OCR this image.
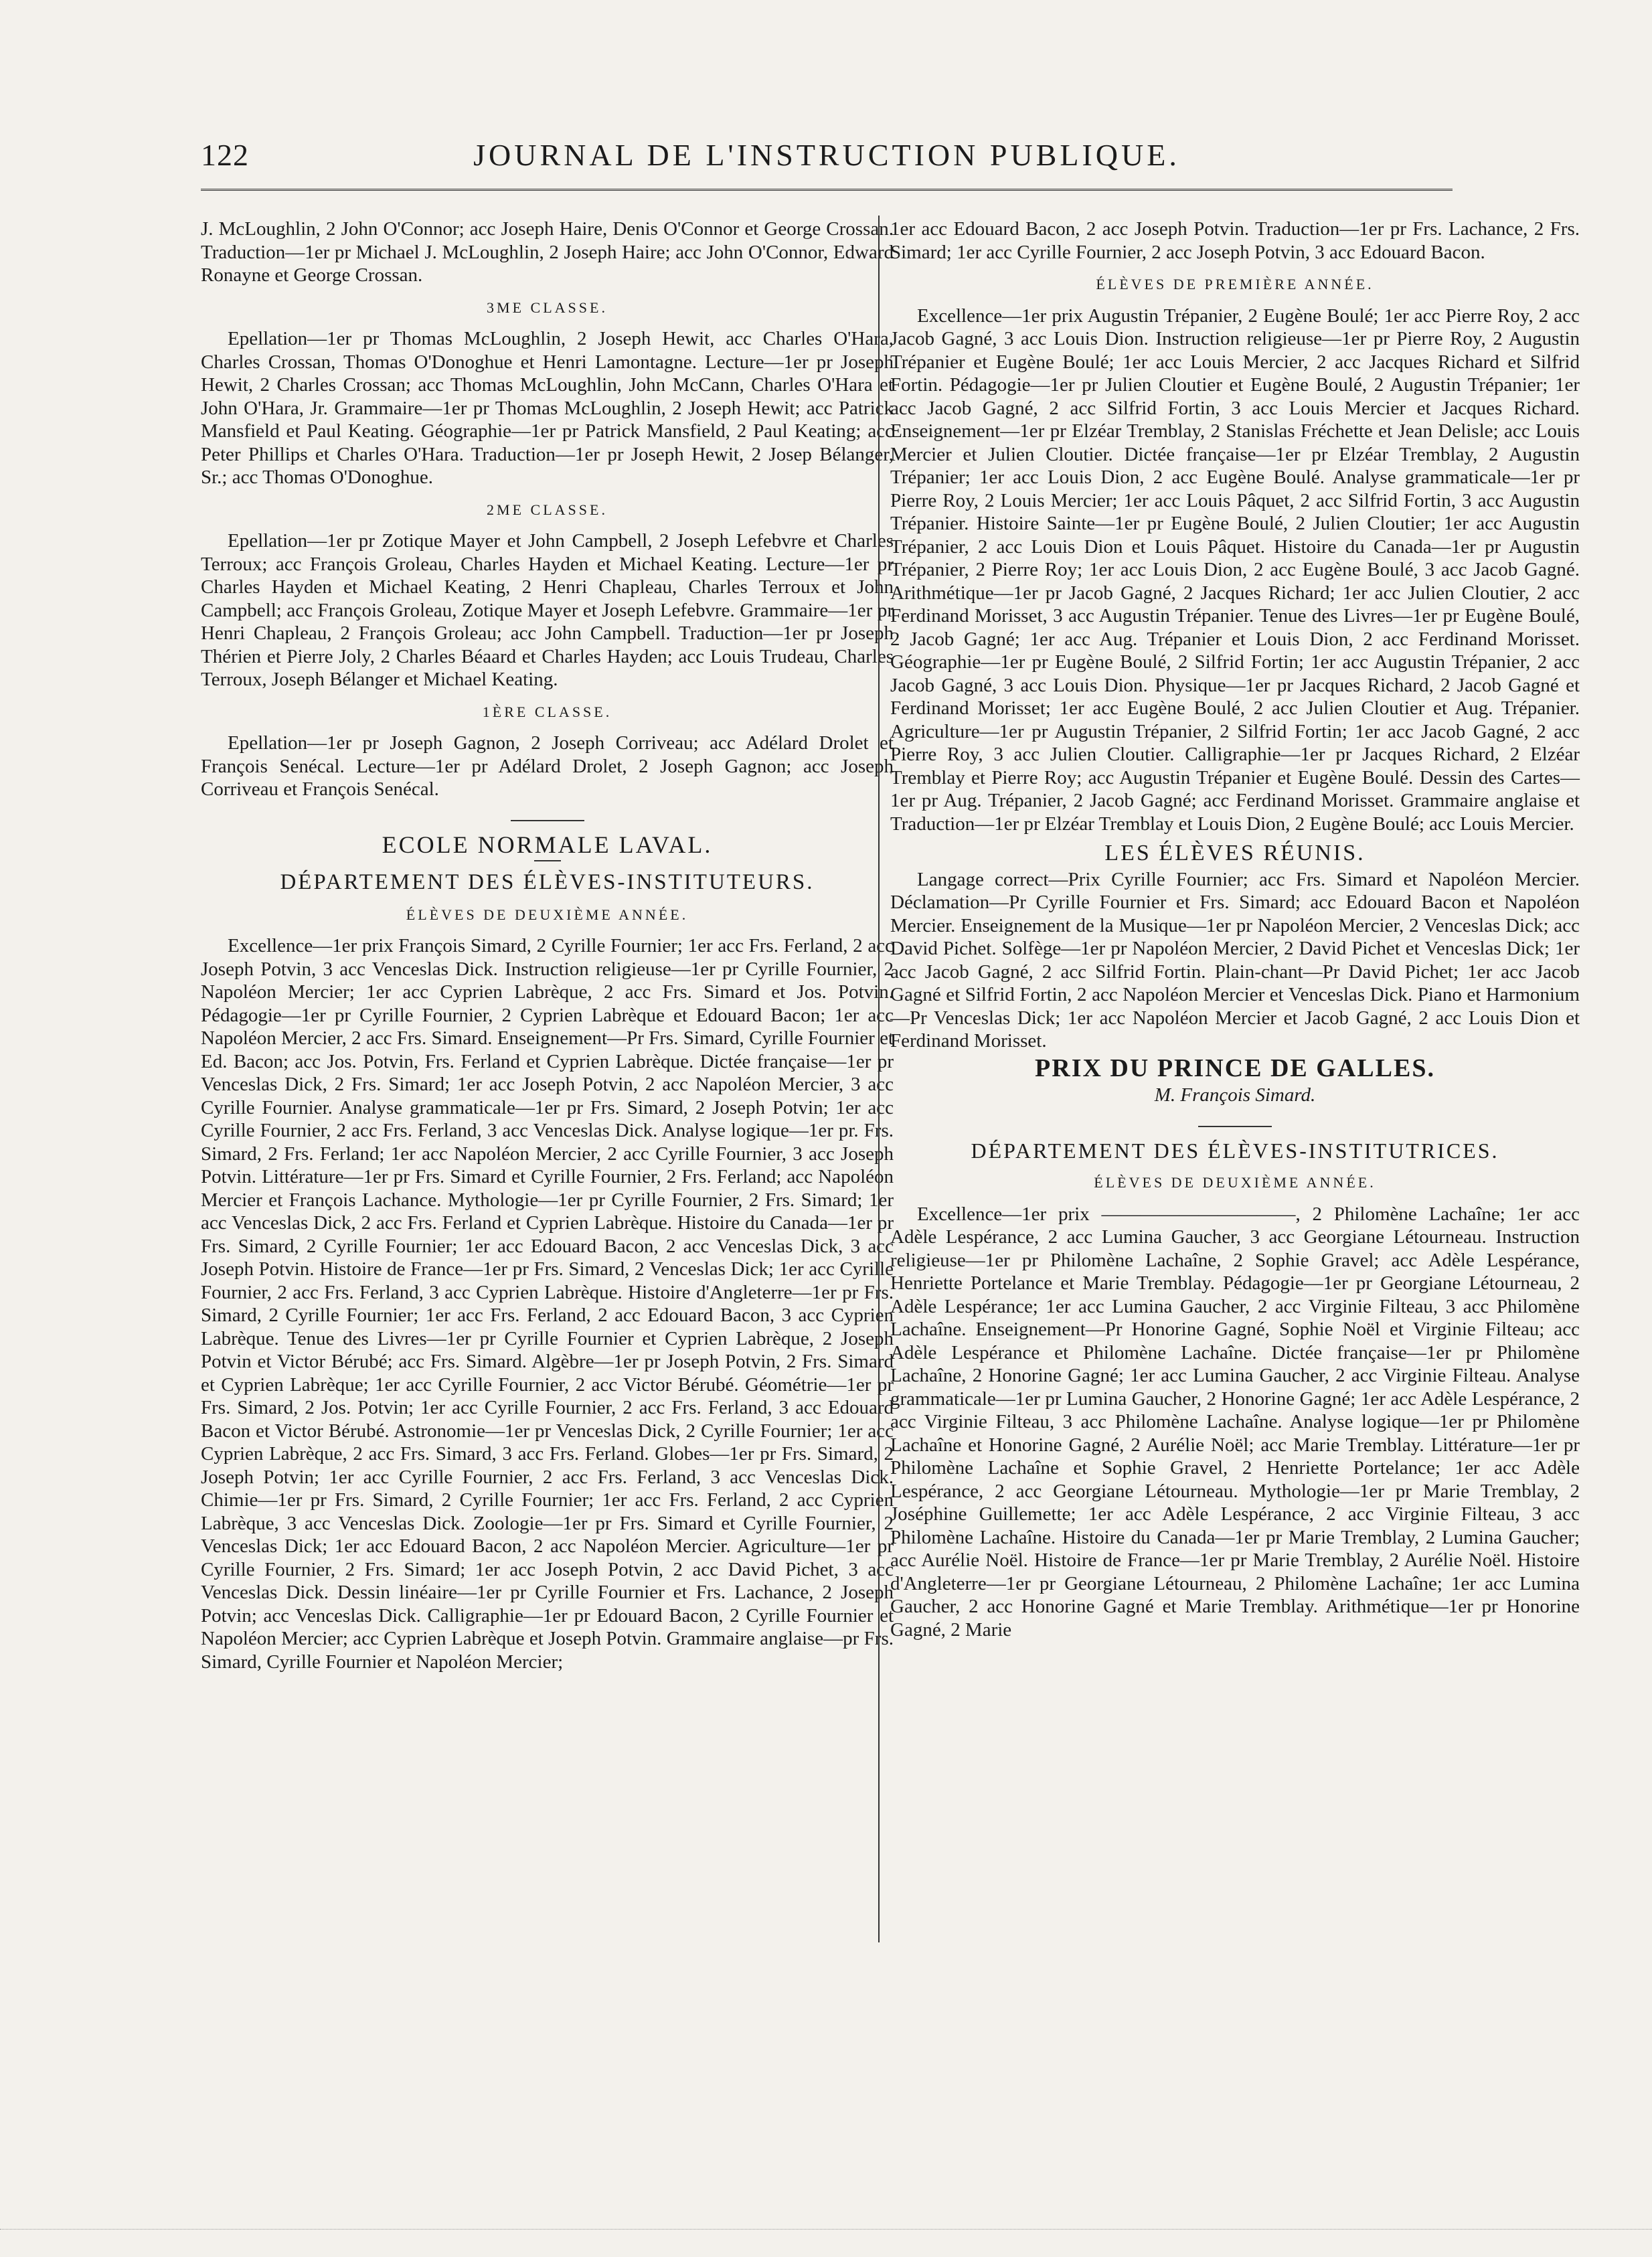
122	JOURNAL DE L'INSTRUCTION PUBLIQUE.

J. McLoughlin, 2 John O'Connor; acc Joseph Haire, Denis O'Connor et George Crossan. Traduction—1er pr Michael J. McLoughlin, 2 Joseph Haire; acc John O'Connor, Edward Ronayne et George Crossan.

3ME CLASSE.

Epellation—1er pr Thomas McLoughlin, 2 Joseph Hewit, acc Charles O'Hara, Charles Crossan, Thomas O'Donoghue et Henri Lamontagne. Lecture—1er pr Joseph Hewit, 2 Charles Crossan; acc Thomas McLoughlin, John McCann, Charles O'Hara et John O'Hara, Jr. Grammaire—1er pr Thomas McLoughlin, 2 Joseph Hewit; acc Patrick Mansfield et Paul Keating. Géographie—1er pr Patrick Mansfield, 2 Paul Keating; acc Peter Phillips et Charles O'Hara. Traduction—1er pr Joseph Hewit, 2 Josep Bélanger, Sr.; acc Thomas O'Donoghue.

2ME CLASSE.

Epellation—1er pr Zotique Mayer et John Campbell, 2 Joseph Lefebvre et Charles Terroux; acc François Groleau, Charles Hayden et Michael Keating. Lecture—1er pr Charles Hayden et Michael Keating, 2 Henri Chapleau, Charles Terroux et John Campbell; acc François Groleau, Zotique Mayer et Joseph Lefebvre. Grammaire—1er pr Henri Chapleau, 2 François Groleau; acc John Campbell. Traduction—1er pr Joseph Thérien et Pierre Joly, 2 Charles Béaard et Charles Hayden; acc Louis Trudeau, Charles Terroux, Joseph Bélanger et Michael Keating.

1ÈRE CLASSE.

Epellation—1er pr Joseph Gagnon, 2 Joseph Corriveau; acc Adélard Drolet et François Senécal. Lecture—1er pr Adélard Drolet, 2 Joseph Gagnon; acc Joseph Corriveau et François Senécal.

ECOLE NORMALE LAVAL.
DÉPARTEMENT DES ÉLÈVES-INSTITUTEURS.
ÉLÈVES DE DEUXIÈME ANNÉE.

Excellence—1er prix François Simard, 2 Cyrille Fournier; 1er acc Frs. Ferland, 2 acc Joseph Potvin, 3 acc Venceslas Dick. Instruction religieuse—1er pr Cyrille Fournier, 2 Napoléon Mercier; 1er acc Cyprien Labrèque, 2 acc Frs. Simard et Jos. Potvin. Pédagogie—1er pr Cyrille Fournier, 2 Cyprien Labrèque et Edouard Bacon; 1er acc Napoléon Mercier, 2 acc Frs. Simard. Enseignement—Pr Frs. Simard, Cyrille Fournier et Ed. Bacon; acc Jos. Potvin, Frs. Ferland et Cyprien Labrèque. Dictée française—1er pr Venceslas Dick, 2 Frs. Simard; 1er acc Joseph Potvin, 2 acc Napoléon Mercier, 3 acc Cyrille Fournier. Analyse grammaticale—1er pr Frs. Simard, 2 Joseph Potvin; 1er acc Cyrille Fournier, 2 acc Frs. Ferland, 3 acc Venceslas Dick. Analyse logique—1er pr. Frs. Simard, 2 Frs. Ferland; 1er acc Napoléon Mercier, 2 acc Cyrille Fournier, 3 acc Joseph Potvin. Littérature—1er pr Frs. Simard et Cyrille Fournier, 2 Frs. Ferland; acc Napoléon Mercier et François Lachance. Mythologie—1er pr Cyrille Fournier, 2 Frs. Simard; 1er acc Venceslas Dick, 2 acc Frs. Ferland et Cyprien Labrèque. Histoire du Canada—1er pr Frs. Simard, 2 Cyrille Fournier; 1er acc Edouard Bacon, 2 acc Venceslas Dick, 3 acc Joseph Potvin. Histoire de France—1er pr Frs. Simard, 2 Venceslas Dick; 1er acc Cyrille Fournier, 2 acc Frs. Ferland, 3 acc Cyprien Labrèque. Histoire d'Angleterre—1er pr Frs. Simard, 2 Cyrille Fournier; 1er acc Frs. Ferland, 2 acc Edouard Bacon, 3 acc Cyprien Labrèque. Tenue des Livres—1er pr Cyrille Fournier et Cyprien Labrèque, 2 Joseph Potvin et Victor Bérubé; acc Frs. Simard. Algèbre—1er pr Joseph Potvin, 2 Frs. Simard et Cyprien Labrèque; 1er acc Cyrille Fournier, 2 acc Victor Bérubé. Géométrie—1er pr Frs. Simard, 2 Jos. Potvin; 1er acc Cyrille Fournier, 2 acc Frs. Ferland, 3 acc Edouard Bacon et Victor Bérubé. Astronomie—1er pr Venceslas Dick, 2 Cyrille Fournier; 1er acc Cyprien Labrèque, 2 acc Frs. Simard, 3 acc Frs. Ferland. Globes—1er pr Frs. Simard, 2 Joseph Potvin; 1er acc Cyrille Fournier, 2 acc Frs. Ferland, 3 acc Venceslas Dick. Chimie—1er pr Frs. Simard, 2 Cyrille Fournier; 1er acc Frs. Ferland, 2 acc Cyprien Labrèque, 3 acc Venceslas Dick. Zoologie—1er pr Frs. Simard et Cyrille Fournier, 2 Venceslas Dick; 1er acc Edouard Bacon, 2 acc Napoléon Mercier. Agriculture—1er pr Cyrille Fournier, 2 Frs. Simard; 1er acc Joseph Potvin, 2 acc David Pichet, 3 acc Venceslas Dick. Dessin linéaire—1er pr Cyrille Fournier et Frs. Lachance, 2 Joseph Potvin; acc Venceslas Dick. Calligraphie—1er pr Edouard Bacon, 2 Cyrille Fournier et Napoléon Mercier; acc Cyprien Labrèque et Joseph Potvin. Grammaire anglaise—pr Frs. Simard, Cyrille Fournier et Napoléon Mercier;

1er acc Edouard Bacon, 2 acc Joseph Potvin. Traduction—1er pr Frs. Lachance, 2 Frs. Simard; 1er acc Cyrille Fournier, 2 acc Joseph Potvin, 3 acc Edouard Bacon.

ÉLÈVES DE PREMIÈRE ANNÉE.

Excellence—1er prix Augustin Trépanier, 2 Eugène Boulé; 1er acc Pierre Roy, 2 acc Jacob Gagné, 3 acc Louis Dion. Instruction religieuse—1er pr Pierre Roy, 2 Augustin Trépanier et Eugène Boulé; 1er acc Louis Mercier, 2 acc Jacques Richard et Silfrid Fortin. Pédagogie—1er pr Julien Cloutier et Eugène Boulé, 2 Augustin Trépanier; 1er acc Jacob Gagné, 2 acc Silfrid Fortin, 3 acc Louis Mercier et Jacques Richard. Enseignement—1er pr Elzéar Tremblay, 2 Stanislas Fréchette et Jean Delisle; acc Louis Mercier et Julien Cloutier. Dictée française—1er pr Elzéar Tremblay, 2 Augustin Trépanier; 1er acc Louis Dion, 2 acc Eugène Boulé. Analyse grammaticale—1er pr Pierre Roy, 2 Louis Mercier; 1er acc Louis Pâquet, 2 acc Silfrid Fortin, 3 acc Augustin Trépanier. Histoire Sainte—1er pr Eugène Boulé, 2 Julien Cloutier; 1er acc Augustin Trépanier, 2 acc Louis Dion et Louis Pâquet. Histoire du Canada—1er pr Augustin Trépanier, 2 Pierre Roy; 1er acc Louis Dion, 2 acc Eugène Boulé, 3 acc Jacob Gagné. Arithmétique—1er pr Jacob Gagné, 2 Jacques Richard; 1er acc Julien Cloutier, 2 acc Ferdinand Morisset, 3 acc Augustin Trépanier. Tenue des Livres—1er pr Eugène Boulé, 2 Jacob Gagné; 1er acc Aug. Trépanier et Louis Dion, 2 acc Ferdinand Morisset. Géographie—1er pr Eugène Boulé, 2 Silfrid Fortin; 1er acc Augustin Trépanier, 2 acc Jacob Gagné, 3 acc Louis Dion. Physique—1er pr Jacques Richard, 2 Jacob Gagné et Ferdinand Morisset; 1er acc Eugène Boulé, 2 acc Julien Cloutier et Aug. Trépanier. Agriculture—1er pr Augustin Trépanier, 2 Silfrid Fortin; 1er acc Jacob Gagné, 2 acc Pierre Roy, 3 acc Julien Cloutier. Calligraphie—1er pr Jacques Richard, 2 Elzéar Tremblay et Pierre Roy; acc Augustin Trépanier et Eugène Boulé. Dessin des Cartes—1er pr Aug. Trépanier, 2 Jacob Gagné; acc Ferdinand Morisset. Grammaire anglaise et Traduction—1er pr Elzéar Tremblay et Louis Dion, 2 Eugène Boulé; acc Louis Mercier.

LES ÉLÈVES RÉUNIS.

Langage correct—Prix Cyrille Fournier; acc Frs. Simard et Napoléon Mercier. Déclamation—Pr Cyrille Fournier et Frs. Simard; acc Edouard Bacon et Napoléon Mercier. Enseignement de la Musique—1er pr Napoléon Mercier, 2 Venceslas Dick; acc David Pichet. Solfège—1er pr Napoléon Mercier, 2 David Pichet et Venceslas Dick; 1er acc Jacob Gagné, 2 acc Silfrid Fortin. Plain-chant—Pr David Pichet; 1er acc Jacob Gagné et Silfrid Fortin, 2 acc Napoléon Mercier et Venceslas Dick. Piano et Harmonium—Pr Venceslas Dick; 1er acc Napoléon Mercier et Jacob Gagné, 2 acc Louis Dion et Ferdinand Morisset.

PRIX DU PRINCE DE GALLES.
M. François Simard.
DÉPARTEMENT DES ÉLÈVES-INSTITUTRICES.
ÉLÈVES DE DEUXIÈME ANNÉE.

Excellence—1er prix ——————————, 2 Philomène Lachaîne; 1er acc Adèle Lespérance, 2 acc Lumina Gaucher, 3 acc Georgiane Létourneau. Instruction religieuse—1er pr Philomène Lachaîne, 2 Sophie Gravel; acc Adèle Lespérance, Henriette Portelance et Marie Tremblay. Pédagogie—1er pr Georgiane Létourneau, 2 Adèle Lespérance; 1er acc Lumina Gaucher, 2 acc Virginie Filteau, 3 acc Philomène Lachaîne. Enseignement—Pr Honorine Gagné, Sophie Noël et Virginie Filteau; acc Adèle Lespérance et Philomène Lachaîne. Dictée française—1er pr Philomène Lachaîne, 2 Honorine Gagné; 1er acc Lumina Gaucher, 2 acc Virginie Filteau. Analyse grammaticale—1er pr Lumina Gaucher, 2 Honorine Gagné; 1er acc Adèle Lespérance, 2 acc Virginie Filteau, 3 acc Philomène Lachaîne. Analyse logique—1er pr Philomène Lachaîne et Honorine Gagné, 2 Aurélie Noël; acc Marie Tremblay. Littérature—1er pr Philomène Lachaîne et Sophie Gravel, 2 Henriette Portelance; 1er acc Adèle Lespérance, 2 acc Georgiane Létourneau. Mythologie—1er pr Marie Tremblay, 2 Joséphine Guillemette; 1er acc Adèle Lespérance, 2 acc Virginie Filteau, 3 acc Philomène Lachaîne. Histoire du Canada—1er pr Marie Tremblay, 2 Lumina Gaucher; acc Aurélie Noël. Histoire de France—1er pr Marie Tremblay, 2 Aurélie Noël. Histoire d'Angleterre—1er pr Georgiane Létourneau, 2 Philomène Lachaîne; 1er acc Lumina Gaucher, 2 acc Honorine Gagné et Marie Tremblay. Arithmétique—1er pr Honorine Gagné, 2 Marie
